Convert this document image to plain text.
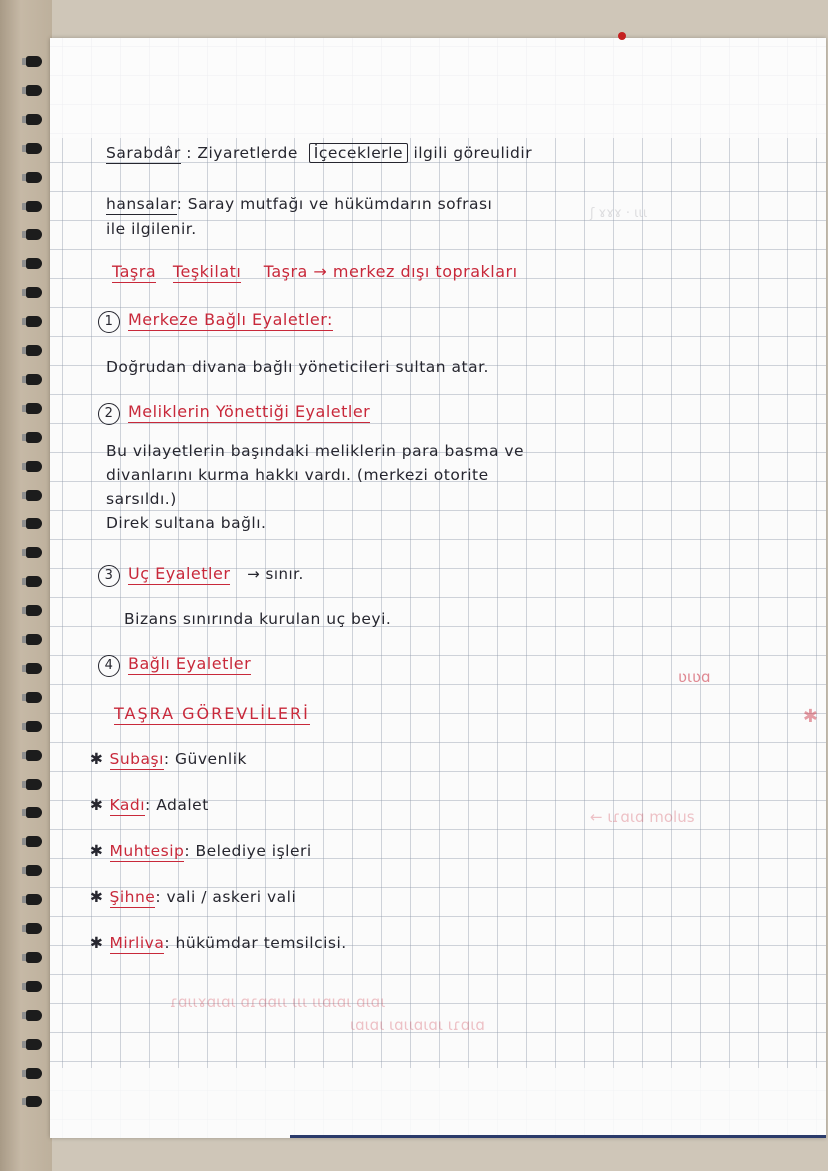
ʃ ɤɤɤ · ɩɩɩ
ʋɩʋɑ
← ɩɾɑɩɑ molus
ɾɑɩɩɤɑɩɑɩ ɑɾɑɑɩɩ ɩɩɩ ɩɩɑɩɑɩ ɑɩɑɩ
ɩɑɩɑɩ ɩɑɩɩɑɩɑɩ ɩɾɑɩɑ
✱
Sarabdâr : Ziyaretlerde İçeceklerle ilgili göreulidir
hansalar: Saray mutfağı ve hükümdarın sofrası
ile ilgilenir.
Taşra Teşkilatı Taşra → merkez dışı toprakları
1 Merkeze Bağlı Eyaletler:
Doğrudan divana bağlı yöneticileri sultan atar.
2 Meliklerin Yönettiği Eyaletler
Bu vilayetlerin başındaki meliklerin para basma ve
divanlarını kurma hakkı vardı. (merkezi otorite
sarsıldı.)
Direk sultana bağlı.
3 Uç Eyaletler → sınır.
Bizans sınırında kurulan uç beyi.
4 Bağlı Eyaletler
TAŞRA GÖREVLİLERİ
✱ Subaşı: Güvenlik
✱ Kadı: Adalet
✱ Muhtesip: Belediye işleri
✱ Şihne: vali / askeri vali
✱ Mirliva: hükümdar temsilcisi.
